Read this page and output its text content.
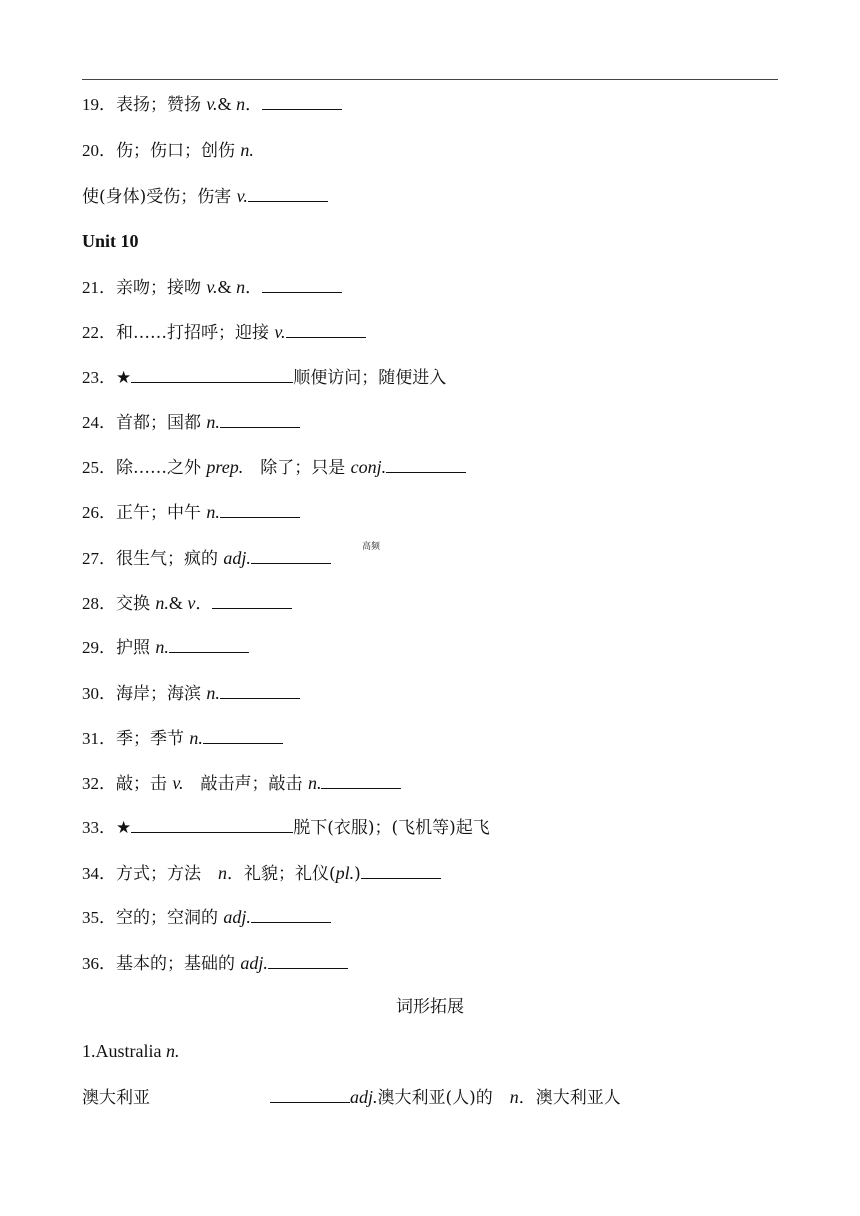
19．表扬；赞扬 v.& n．
20．伤；伤口；创伤 n.
使(身体)受伤；伤害 v.
Unit 10
21．亲吻；接吻 v.& n．
22．和……打招呼；迎接 v.
23．★	顺便访问；随便进入
24．首都；国都 n.
25．除……之外 prep.　除了；只是 conj.
26．正午；中午 n.
27．很生气；疯的 adj.
高频
28．交换 n.& v．
29．护照 n.
30．海岸；海滨 n.
31．季；季节 n.
32．敲；击 v.　敲击声；敲击 n.
33．★	脱下(衣服)；(飞机等)起飞
34．方式；方法　n．礼貌；礼仪(pl.)
35．空的；空洞的 adj.
36．基本的；基础的 adj.
词形拓展
1.Australia n.
澳大利亚	adj.澳大利亚(人)的　n．澳大利亚人
